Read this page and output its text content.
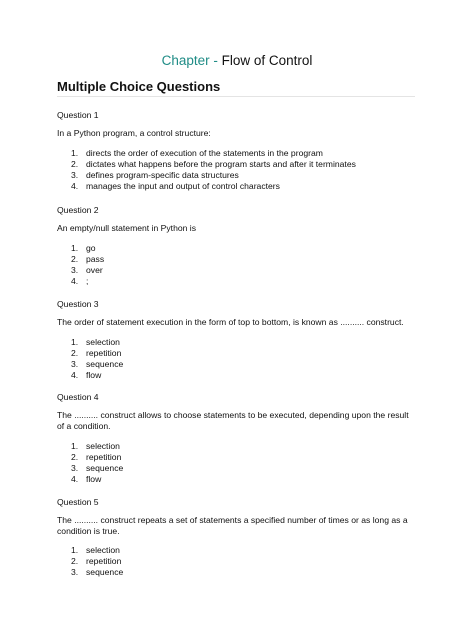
Chapter - Flow of Control
Multiple Choice Questions
Question 1
In a Python program, a control structure:
1. directs the order of execution of the statements in the program
2. dictates what happens before the program starts and after it terminates
3. defines program-specific data structures
4. manages the input and output of control characters
Question 2
An empty/null statement in Python is
1. go
2. pass
3. over
4. ;
Question 3
The order of statement execution in the form of top to bottom, is known as .......... construct.
1. selection
2. repetition
3. sequence
4. flow
Question 4
The .......... construct allows to choose statements to be executed, depending upon the result
of a condition.
1. selection
2. repetition
3. sequence
4. flow
Question 5
The .......... construct repeats a set of statements a specified number of times or as long as a
condition is true.
1. selection
2. repetition
3. sequence
